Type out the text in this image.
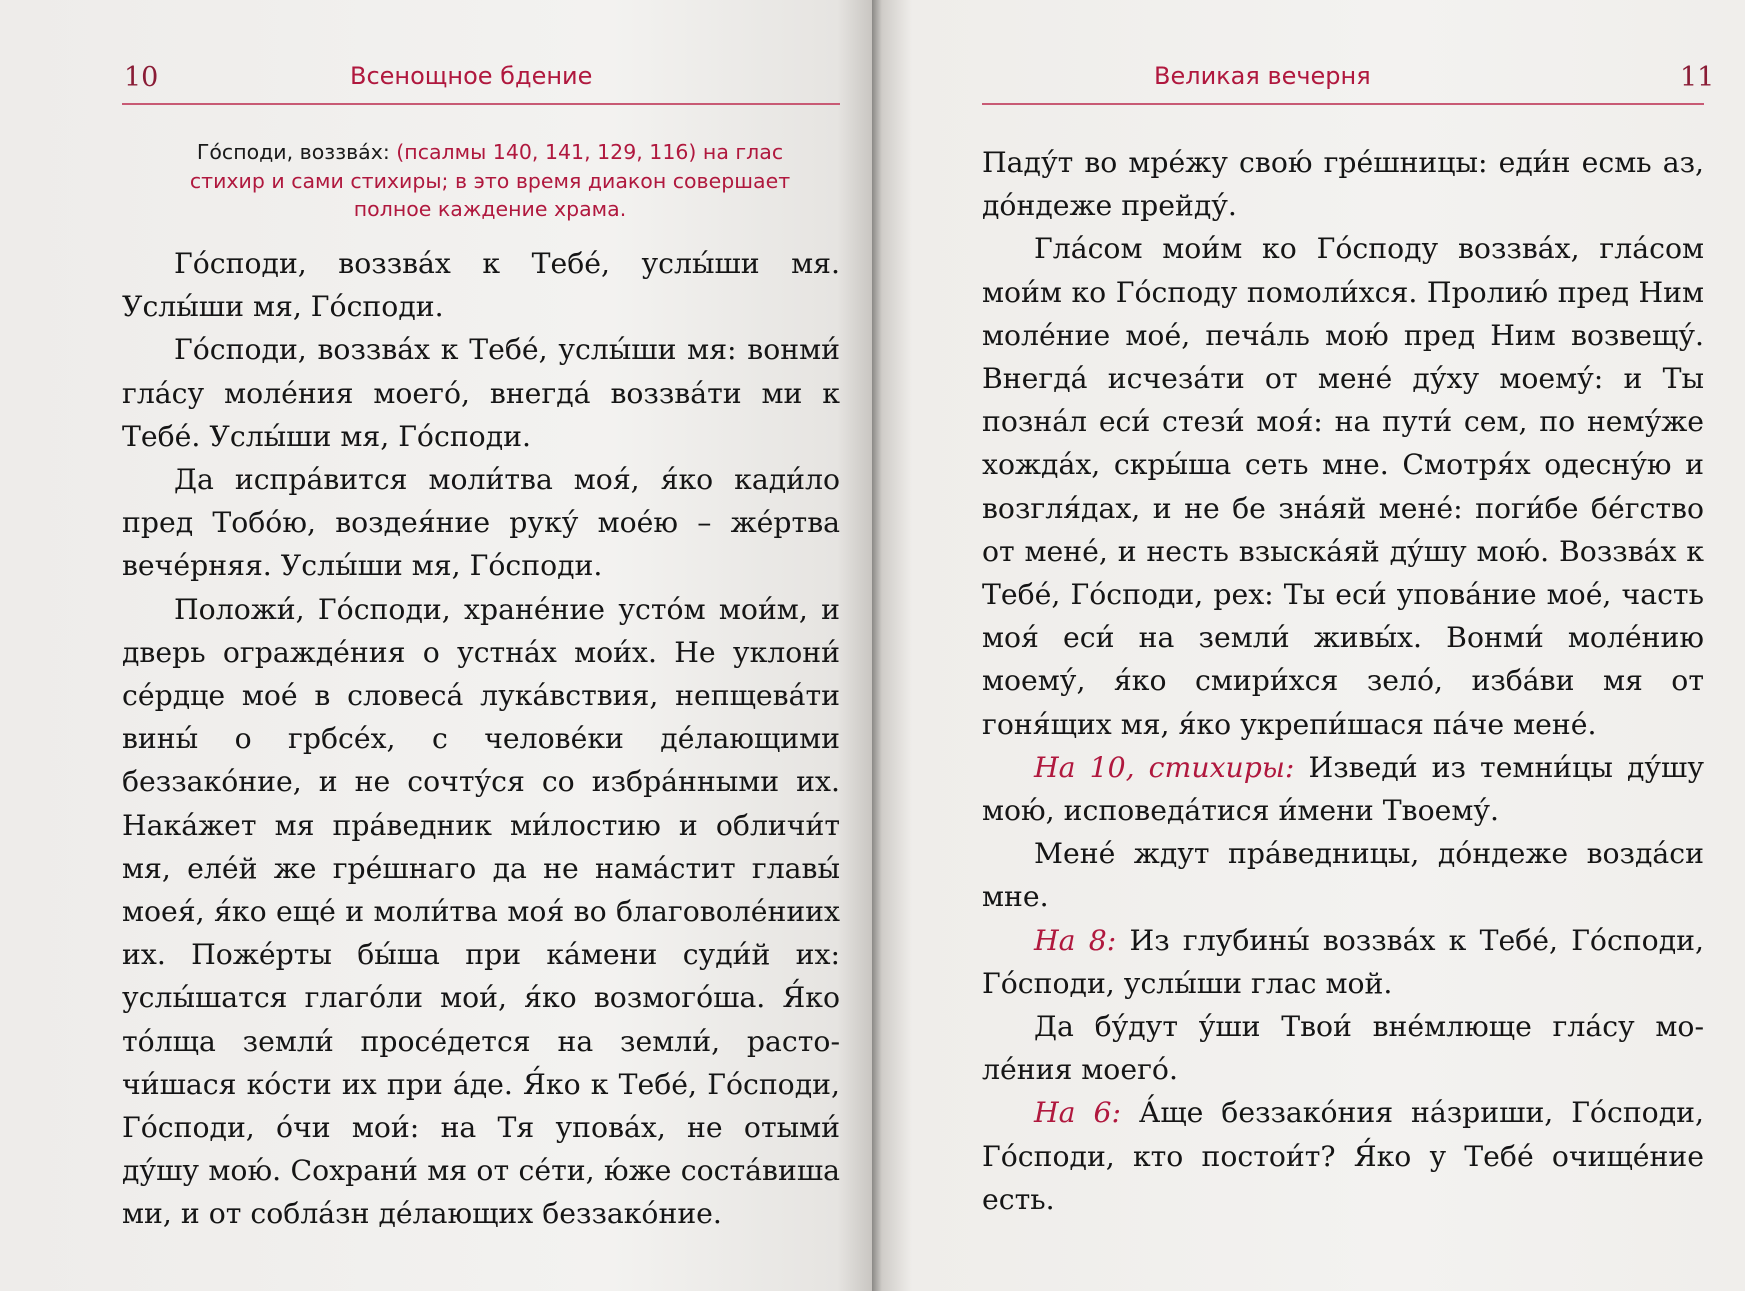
10	Всенощное бдение
Го́споди, воззва́х: (псалмы 140, 141, 129, 116) на глас стихир и сами стихиры; в это время диакон совершает полное каждение храма.

Го́споди, воззва́х к Тебе́, услы́ши мя. Услы́ши мя, Го́споди.

Го́споди, воззва́х к Тебе́, услы́ши мя: вонми́ гла́су моле́ния моего́, внегда́ воззва́ти ми к Тебе́. Услы́ши мя, Го́споди.

Да испра́вится моли́тва моя́, я́ко кади́ло пред Тобо́ю, воздея́ние руку́ мое́ю – же́ртва вече́рняя. Услы́ши мя, Го́споди.

Положи́, Го́споди, хране́ние усто́м мои́м, и дверь огражде́ния о устна́х мои́х. Не уклони́ се́рдце мое́ в словеса́ лука́вствия, непщева́ти вины́ о грбсе́х, с челове́ки де́лающими беззако́ние, и не сочту́ся со избра́нными их. Нака́жет мя пра́ведник ми́лостию и обличи́т мя, еле́й же гре́шнаго да не нама́стит главы́ моея́, я́ко еще́ и моли́тва моя́ во благоволе́ниих их. Поже́рты бы́ша при ка́мени суди́й их: услы́шатся глаго́ли мои́, я́ко возмого́ша. Я́ко то́лща земли́ просе́дется на земли́, расточи́шася ко́сти их при а́де. Я́ко к Тебе́, Го́споди, Го́споди, о́чи мои́: на Тя упова́х, не отыми́ ду́шу мою́. Сохрани́ мя от се́ти, ю́же соста́виша ми, и от собла́зн де́лающих беззако́ние.

Великая вечерня	11

Паду́т во мре́жу свою́ гре́шницы: еди́н есмь аз, до́ндеже прейду́.

Гла́сом мои́м ко Го́споду воззва́х, гла́сом мои́м ко Го́споду помоли́хся. Пролию́ пред Ним моле́ние мое́, печа́ль мою́ пред Ним возвещу́. Внегда́ исчеза́ти от мене́ ду́ху моему́: и Ты позна́л еси́ стези́ моя́: на пути́ сем, по нему́же хожда́х, скры́ша сеть мне. Смотря́х одесну́ю и возгля́дах, и не бе зна́яй мене́: поги́бе бе́гство от мене́, и несть взыска́яй ду́шу мою́. Воззва́х к Тебе́, Го́споди, рех: Ты еси́ упова́ние мое́, часть моя́ еси́ на земли́ живы́х. Вонми́ моле́нию моему́, я́ко смири́хся зело́, изба́ви мя от гоня́щих мя, я́ко укрепи́шася па́че мене́.

На 10, стихиры: Изведи́ из темни́цы ду́шу мою́, исповеда́тися и́мени Твоему́.

Мене́ ждут пра́ведницы, до́ндеже возда́си мне.

На 8: Из глубины́ воззва́х к Тебе́, Го́споди, Го́споди, услы́ши глас мой.

Да бу́дут у́ши Твои́ вне́млюще гла́су моле́ния моего́.

На 6: А́ще беззако́ния на́зриши, Го́споди, Го́споди, кто постои́т? Я́ко у Тебе́ очище́ние есть.
